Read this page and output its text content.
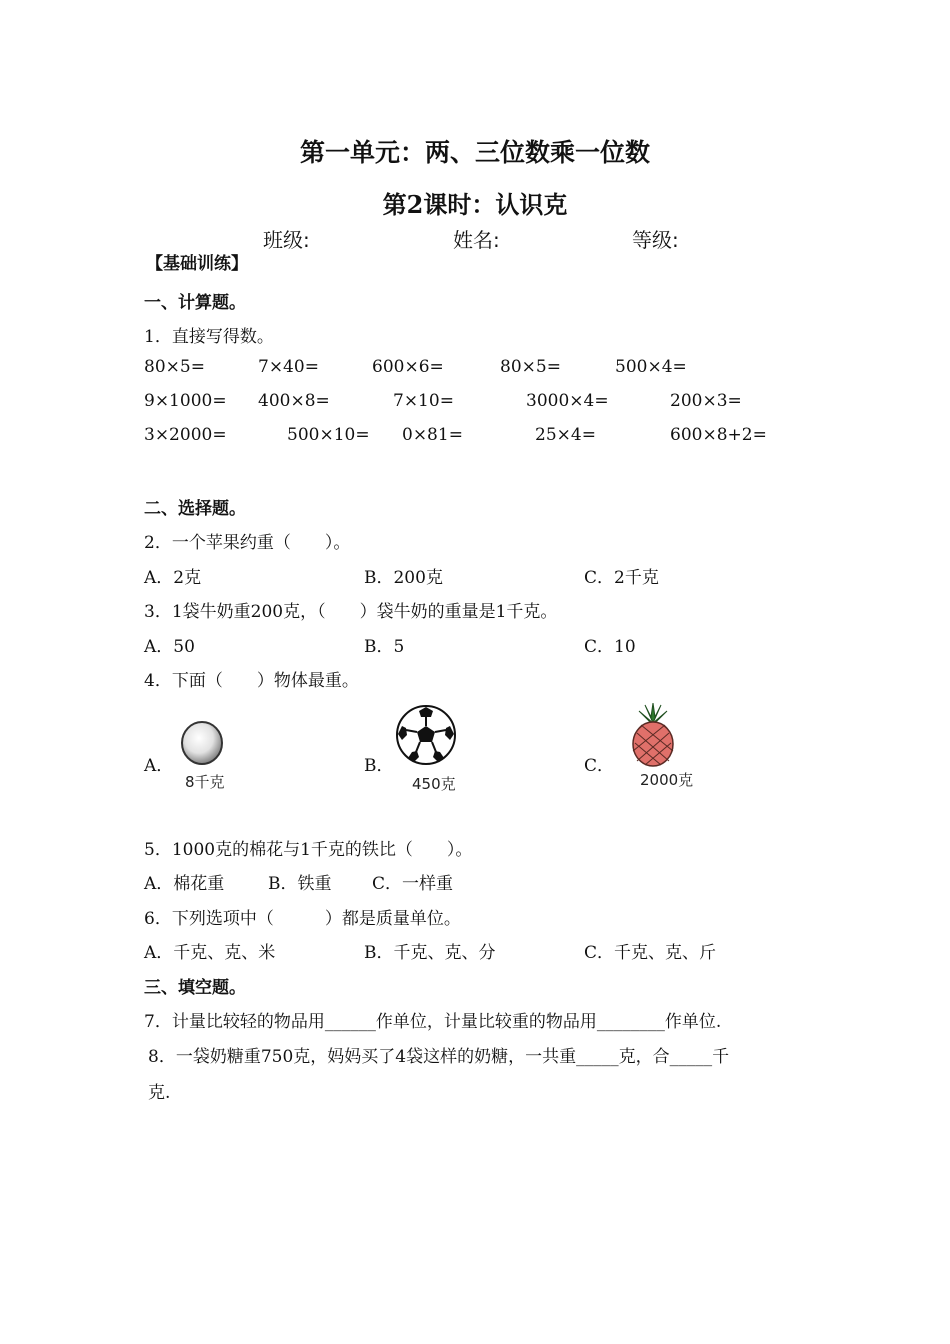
第一单元：两、三位数乘一位数
第2课时：认识克
班级:	姓名:	等级:
【基础训练】
一、计算题。
1．直接写得数。
80×5=	7×40=	600×6=	80×5=	500×4=
9×1000= 400×8=	7×10=	3000×4=	200×3=
3×2000=	500×10= 0×81=	25×4=	600×8+2=
二、选择题。
2．一个苹果约重（　　）。
A．2克	B．200克	C．2千克
3．1袋牛奶重200克，（　　）袋牛奶的重量是1千克。
A．50	B．5	C．10
4．下面（　　）物体最重。
A．
8千克
B．
450克
C．
2000克
5．1000克的棉花与1千克的铁比（　　）。
A．棉花重	B．铁重 C．一样重
6．下列选项中（　　　）都是质量单位。
A．千克、克、米	B．千克、克、分	C．千克、克、斤
三、填空题。
7．计量比较轻的物品用______作单位，计量比较重的物品用________作单位.
8．一袋奶糖重750克，妈妈买了4袋这样的奶糖，一共重_____克，合_____千
克.
